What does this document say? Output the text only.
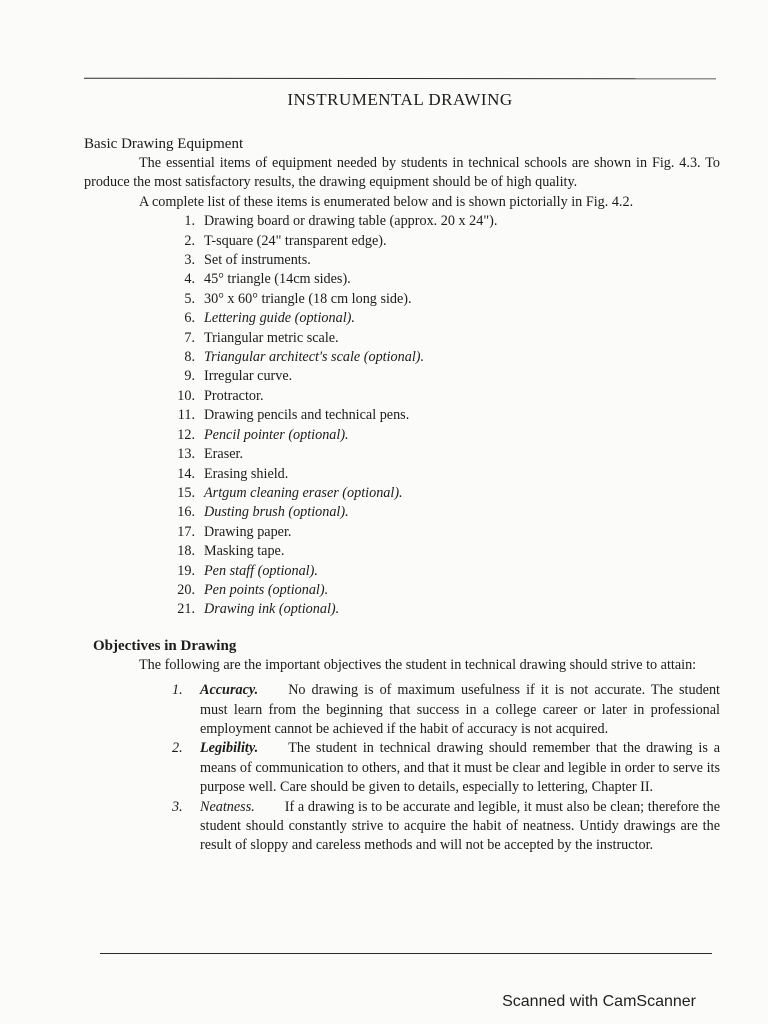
INSTRUMENTAL DRAWING

Basic Drawing Equipment

The essential items of equipment needed by students in technical schools are shown in Fig. 4.3. To produce the most satisfactory results, the drawing equipment should be of high quality.

A complete list of these items is enumerated below and is shown pictorially in Fig. 4.2.

1. Drawing board or drawing table (approx. 20 x 24").
2. T-square (24" transparent edge).
3. Set of instruments.
4. 45° triangle (14cm sides).
5. 30° x 60° triangle (18 cm long side).
6. Lettering guide (optional).
7. Triangular metric scale.
8. Triangular architect's scale (optional).
9. Irregular curve.
10. Protractor.
11. Drawing pencils and technical pens.
12. Pencil pointer (optional).
13. Eraser.
14. Erasing shield.
15. Artgum cleaning eraser (optional).
16. Dusting brush (optional).
17. Drawing paper.
18. Masking tape.
19. Pen staff (optional).
20. Pen points (optional).
21. Drawing ink (optional).

Objectives in Drawing

The following are the important objectives the student in technical drawing should strive to attain:

1.	Accuracy. No drawing is of maximum usefulness if it is not accurate. The student must learn from the beginning that success in a college career or later in professional employment cannot be achieved if the habit of accuracy is not acquired.
2.	Legibility. The student in technical drawing should remember that the drawing is a means of communication to others, and that it must be clear and legible in order to serve its purpose well. Care should be given to details, especially to lettering, Chapter II.
3.	Neatness. If a drawing is to be accurate and legible, it must also be clean; therefore the student should constantly strive to acquire the habit of neatness. Untidy drawings are the result of sloppy and careless methods and will not be accepted by the instructor.
Scanned with CamScanner
